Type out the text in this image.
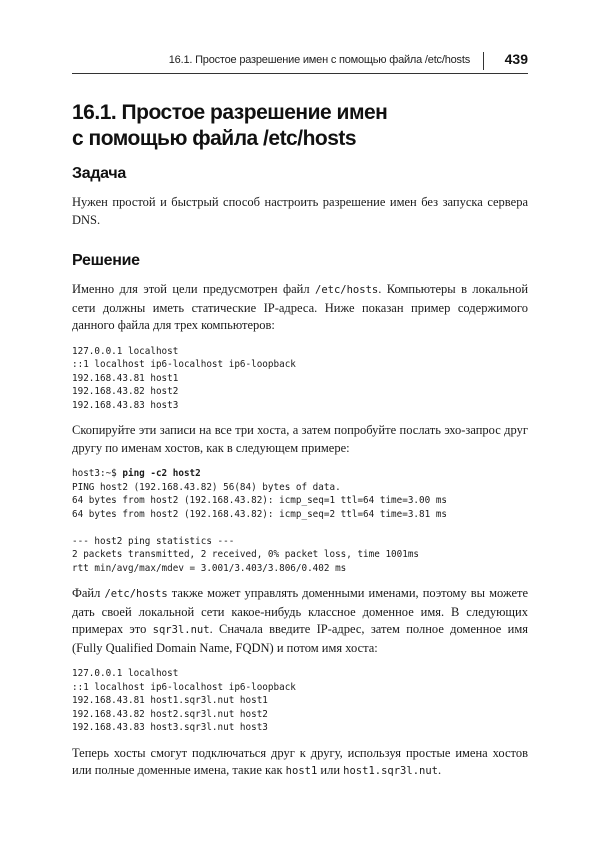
16.1. Простое разрешение имен с помощью файла /etc/hosts 439
16.1. Простое разрешение имен
с помощью файла /etc/hosts
Задача

Нужен простой и быстрый способ настроить разрешение имен без запуска сервера DNS.

Решение

Именно для этой цели предусмотрен файл /etc/hosts. Компьютеры в локальной сети должны иметь статические IP-адреса. Ниже показан пример содержимого данного файла для трех компьютеров:

127.0.0.1 localhost
::1 localhost ip6-localhost ip6-loopback
192.168.43.81 host1
192.168.43.82 host2
192.168.43.83 host3

Скопируйте эти записи на все три хоста, а затем попробуйте послать эхо-запрос друг другу по именам хостов, как в следующем примере:

host3:~$ ping -c2 host2
PING host2 (192.168.43.82) 56(84) bytes of data.
64 bytes from host2 (192.168.43.82): icmp_seq=1 ttl=64 time=3.00 ms
64 bytes from host2 (192.168.43.82): icmp_seq=2 ttl=64 time=3.81 ms
--- host2 ping statistics ---
2 packets transmitted, 2 received, 0% packet loss, time 1001ms
rtt min/avg/max/mdev = 3.001/3.403/3.806/0.402 ms

Файл /etc/hosts также может управлять доменными именами, поэтому вы можете дать своей локальной сети какое-нибудь классное доменное имя. В следующих примерах это sqr3l.nut. Сначала введите IP-адрес, затем полное доменное имя (Fully Qualified Domain Name, FQDN) и потом имя хоста:

127.0.0.1 localhost
::1 localhost ip6-localhost ip6-loopback
192.168.43.81 host1.sqr3l.nut host1
192.168.43.82 host2.sqr3l.nut host2
192.168.43.83 host3.sqr3l.nut host3

Теперь хосты смогут подключаться друг к другу, используя простые имена хостов или полные доменные имена, такие как host1 или host1.sqr3l.nut.
